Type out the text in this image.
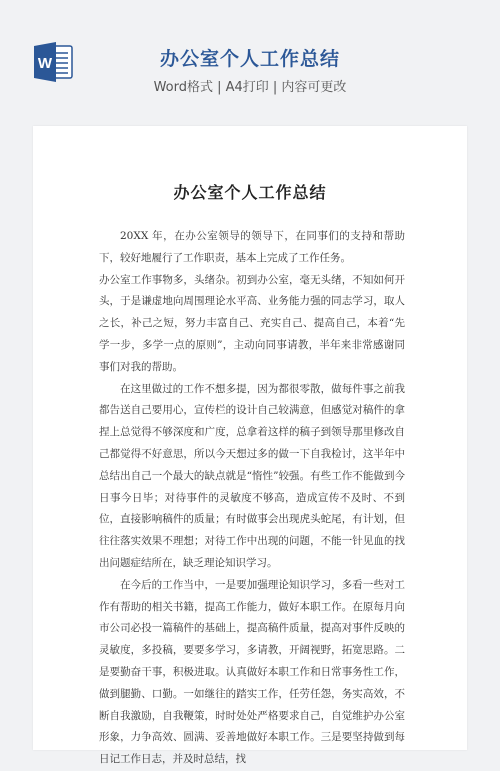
W	办公室个人工作总结
Word格式 | A4打印 | 内容可更改
办公室个人工作总结

20XX 年，在办公室领导的领导下，在同事们的支持和帮助下，较好地履行了工作职责，基本上完成了工作任务。

办公室工作事物多，头绪杂。初到办公室，毫无头绪，不知如何开头，于是谦虚地向周围理论水平高、业务能力强的同志学习，取人之长，补己之短，努力丰富自己、充实自己、提高自己，本着“先学一步，多学一点的原则”，主动向同事请教，半年来非常感谢同事们对我的帮助。

在这里做过的工作不想多提，因为都很零散，做每件事之前我都告送自己要用心，宣传栏的设计自己较满意，但感觉对稿件的拿捏上总觉得不够深度和广度，总拿着这样的稿子到领导那里修改自己都觉得不好意思，所以今天想过多的做一下自我检讨，这半年中总结出自己一个最大的缺点就是“惰性”较强。有些工作不能做到今日事今日毕；对待事件的灵敏度不够高，造成宣传不及时、不到位，直接影响稿件的质量；有时做事会出现虎头蛇尾，有计划，但往往落实效果不理想；对待工作中出现的问题，不能一针见血的找出问题症结所在，缺乏理论知识学习。

在今后的工作当中，一是要加强理论知识学习，多看一些对工作有帮助的相关书籍，提高工作能力，做好本职工作。在原每月向市公司必投一篇稿件的基础上，提高稿件质量，提高对事件反映的灵敏度，多投稿，要要多学习，多请教，开阔视野，拓宽思路。二是要勤奋干事，积极进取。认真做好本职工作和日常事务性工作，做到腿勤、口勤。一如继往的踏实工作，任劳任怨，务实高效，不断自我激励，自我鞭策，时时处处严格要求自己，自觉维护办公室形象，力争高效、圆满、妥善地做好本职工作。三是要坚持做到每日记工作日志，并及时总结，找
